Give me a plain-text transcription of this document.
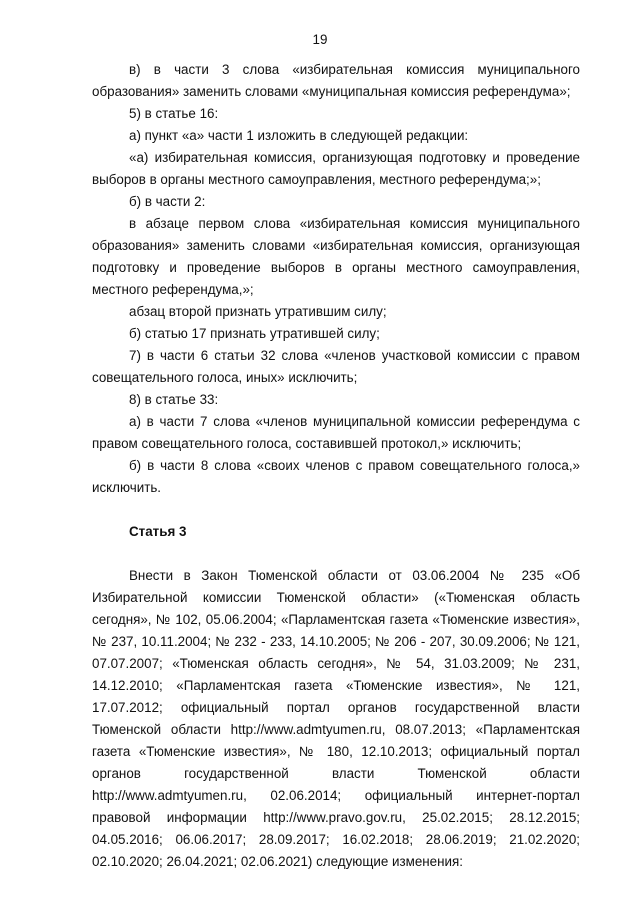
19

в) в части 3 слова «избирательная комиссия муниципального образования» заменить словами «муниципальная комиссия референдума»;

5) в статье 16:

а) пункт «а» части 1 изложить в следующей редакции:

«а) избирательная комиссия, организующая подготовку и проведение выборов в органы местного самоуправления, местного референдума;»;

б) в части 2:

в абзаце первом слова «избирательная комиссия муниципального образования» заменить словами «избирательная комиссия, организующая подготовку и проведение выборов в органы местного самоуправления, местного референдума,»;

абзац второй признать утратившим силу;

б) статью 17 признать утратившей силу;

7) в части 6 статьи 32 слова «членов участковой комиссии с правом совещательного голоса, иных» исключить;

8) в статье 33:

а) в части 7 слова «членов муниципальной комиссии референдума с правом совещательного голоса, составившей протокол,» исключить;

б) в части 8 слова «своих членов с правом совещательного голоса,» исключить.

Статья 3

Внести в Закон Тюменской области от 03.06.2004 № 235 «Об Избирательной комиссии Тюменской области» («Тюменская область сегодня», № 102, 05.06.2004; «Парламентская газета «Тюменские известия», № 237, 10.11.2004; № 232 - 233, 14.10.2005; № 206 - 207, 30.09.2006; № 121, 07.07.2007; «Тюменская область сегодня», № 54, 31.03.2009; № 231, 14.12.2010; «Парламентская газета «Тюменские известия», № 121, 17.07.2012; официальный портал органов государственной власти Тюменской области http://www.admtyumen.ru, 08.07.2013; «Парламентская газета «Тюменские известия», № 180, 12.10.2013; официальный портал органов государственной власти Тюменской области http://www.admtyumen.ru, 02.06.2014; официальный интернет-портал правовой информации http://www.pravo.gov.ru, 25.02.2015; 28.12.2015; 04.05.2016; 06.06.2017; 28.09.2017; 16.02.2018; 28.06.2019; 21.02.2020; 02.10.2020; 26.04.2021; 02.06.2021) следующие изменения:
